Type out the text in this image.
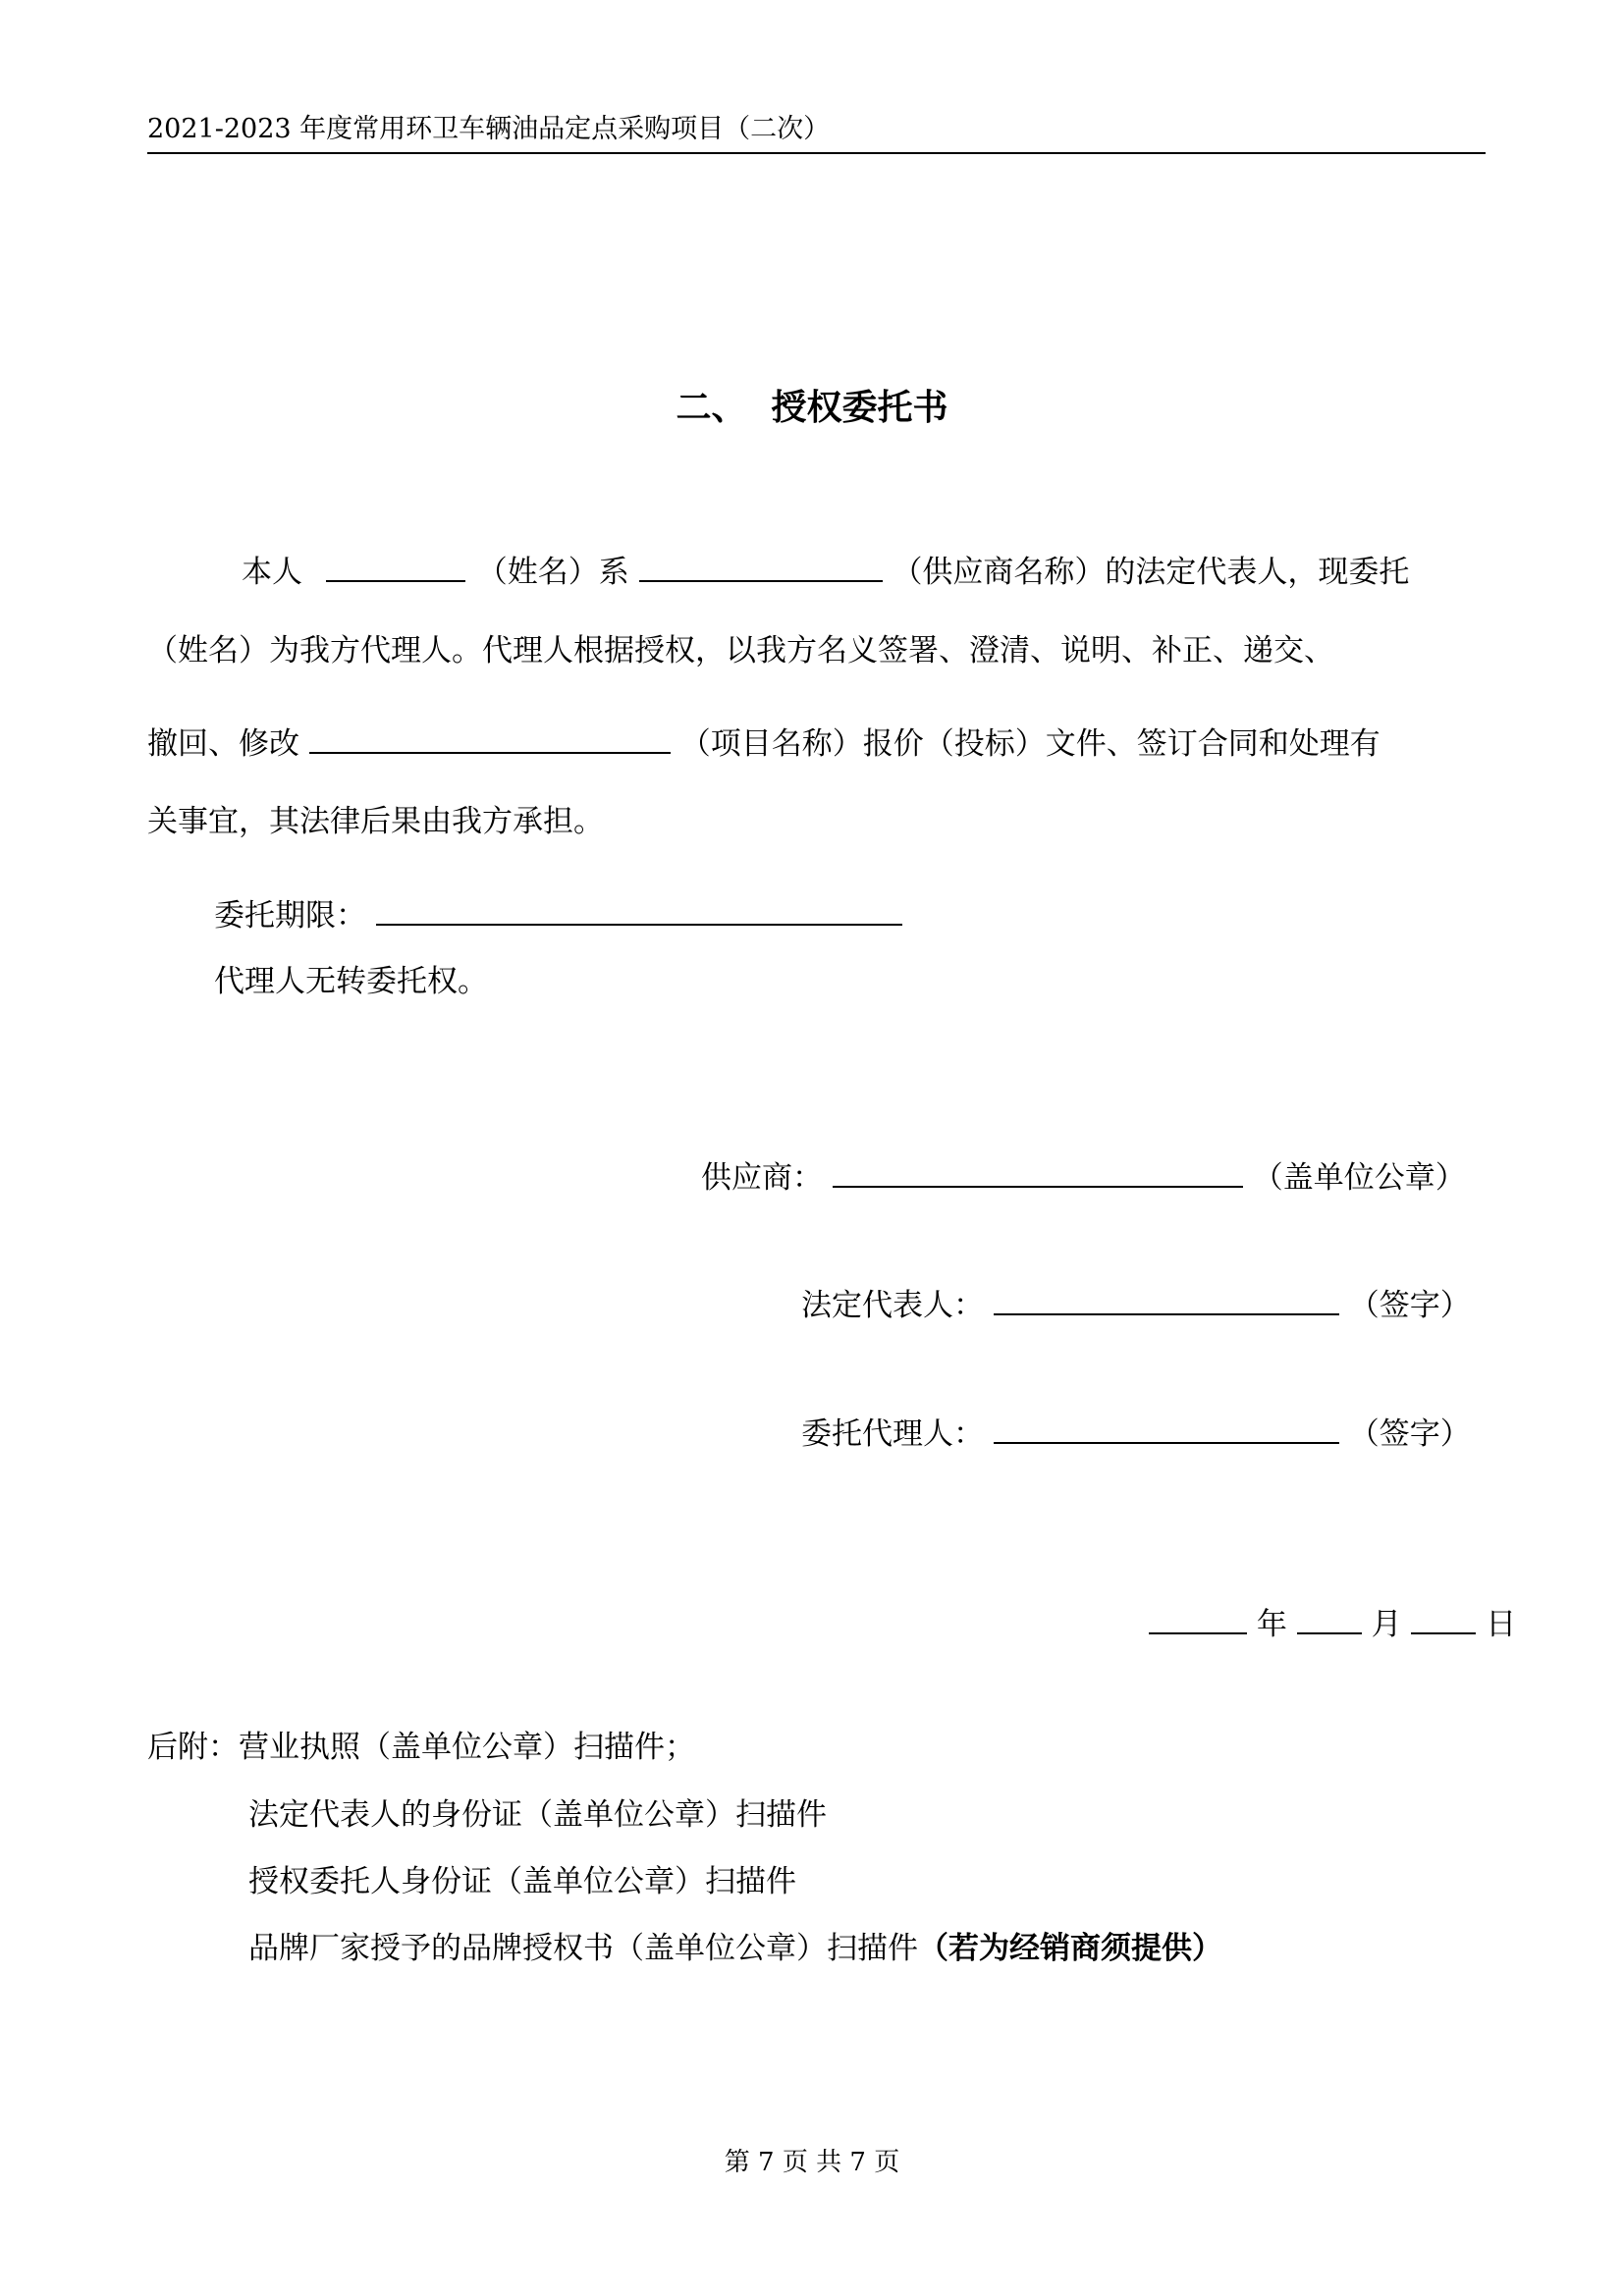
2021-2023 年度常用环卫车辆油品定点采购项目（二次）
二、  授权委托书
本人	（姓名）系	（供应商名称）的法定代表人，现委托
（姓名）为我方代理人。代理人根据授权，以我方名义签署、澄清、说明、补正、递交、
撤回、修改	（项目名称）报价（投标）文件、签订合同和处理有
关事宜，其法律后果由我方承担。
委托期限：
代理人无转委托权。
供应商：	（盖单位公章）
法定代表人：	（签字）
委托代理人：	（签字）
年	月	日
后附：营业执照（盖单位公章）扫描件；
法定代表人的身份证（盖单位公章）扫描件
授权委托人身份证（盖单位公章）扫描件
品牌厂家授予的品牌授权书（盖单位公章）扫描件（若为经销商须提供）
第 7 页 共 7 页
